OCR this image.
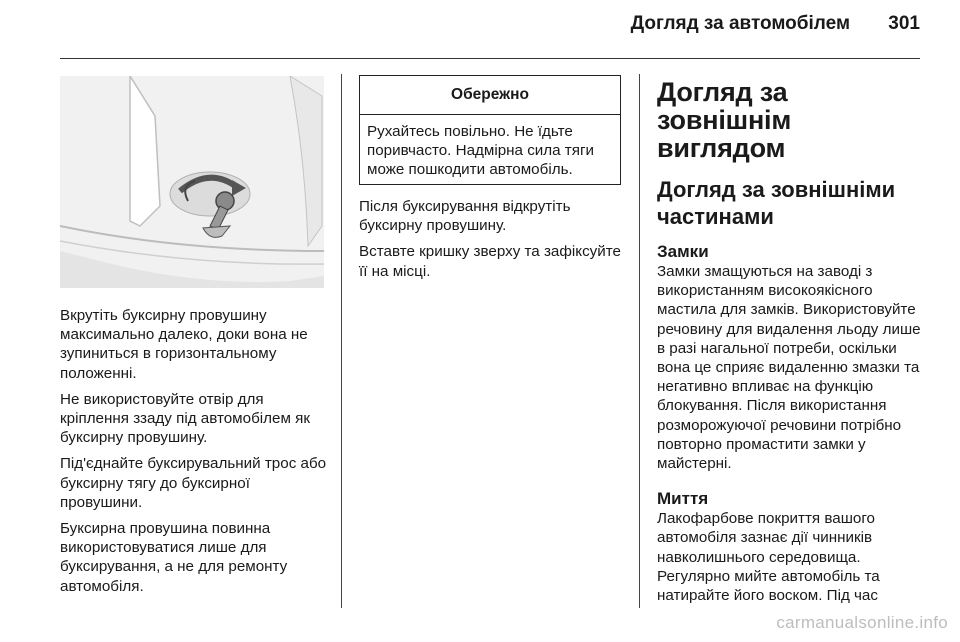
Догляд за автомобілем	301

Вкрутіть буксирну провушину максимально далеко, доки вона не зупиниться в горизонтальному положенні.

Не використовуйте отвір для кріплення ззаду під автомобілем як буксирну провушину.

Під'єднайте буксирувальний трос або буксирну тягу до буксирної провушини.

Буксирна провушина повинна використовуватися лише для буксирування, а не для ремонту автомобіля.

Обережно
Рухайтесь повільно. Не їдьте поривчасто. Надмірна сила тяги може пошкодити автомобіль.

Після буксирування відкрутіть буксирну провушину.

Вставте кришку зверху та зафіксуйте її на місці.

Догляд за зовнішнім виглядом
Догляд за зовнішніми частинами
Замки

Замки змащуються на заводі з використанням високоякісного мастила для замків. Використовуйте речовину для видалення льоду лише в разі нагальної потреби, оскільки вона це сприяє видаленню змазки та негативно впливає на функцію блокування. Після використання розморожуючої речовини потрібно повторно промастити замки у майстерні.

Миття

Лакофарбове покриття вашого автомобіля зазнає дії чинників навколишнього середовища. Регулярно мийте автомобіль та натирайте його воском. Під час

carmanualsonline.info
